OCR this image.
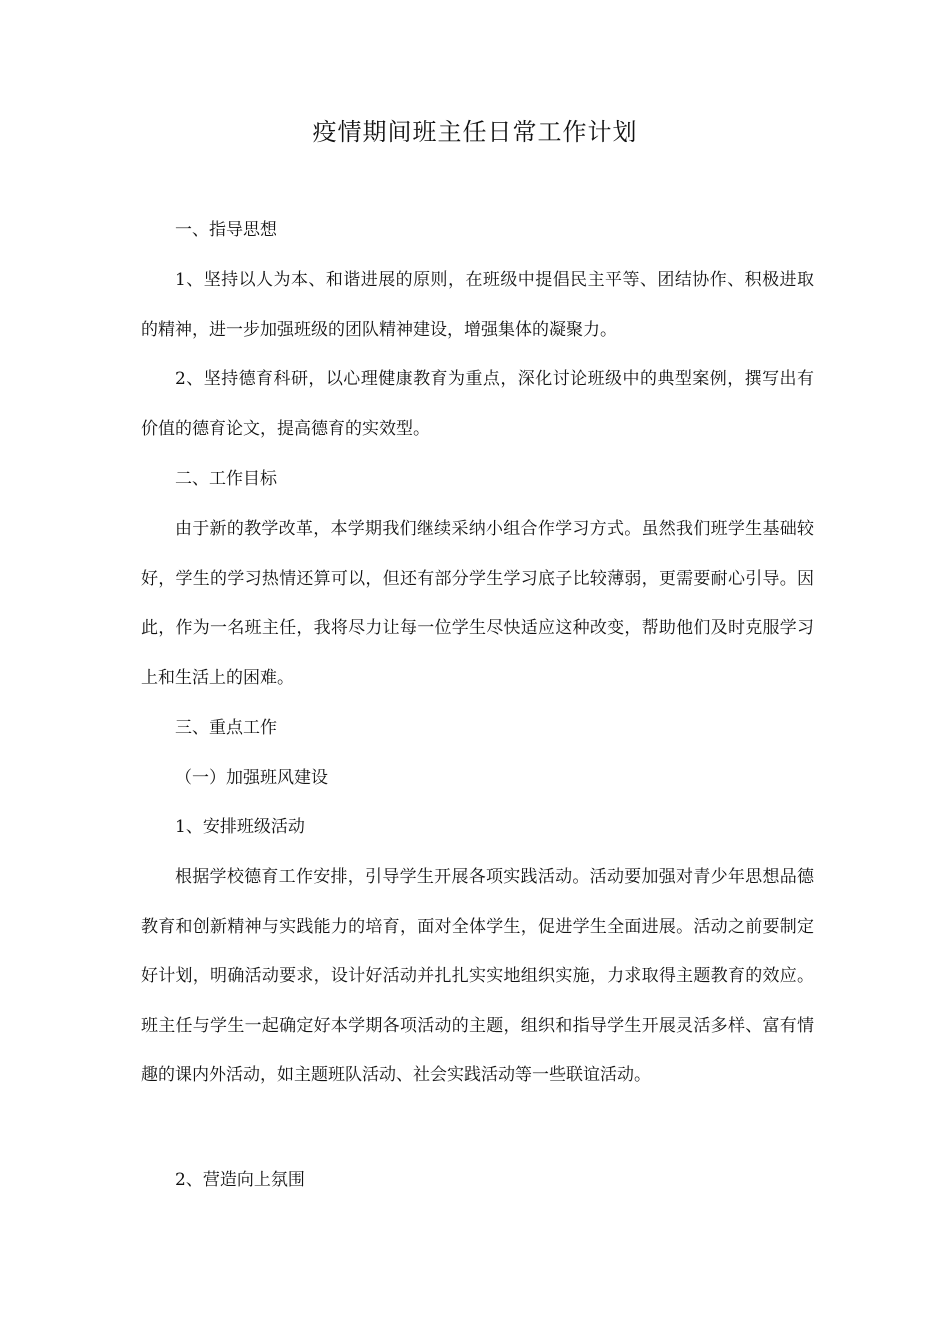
疫情期间班主任日常工作计划

一、指导思想

1、坚持以人为本、和谐进展的原则，在班级中提倡民主平等、团结协作、积极进取的精神，进一步加强班级的团队精神建设，增强集体的凝聚力。

2、坚持德育科研，以心理健康教育为重点，深化讨论班级中的典型案例，撰写出有价值的德育论文，提高德育的实效型。

二、工作目标

由于新的教学改革，本学期我们继续采纳小组合作学习方式。虽然我们班学生基础较好，学生的学习热情还算可以，但还有部分学生学习底子比较薄弱，更需要耐心引导。因此，作为一名班主任，我将尽力让每一位学生尽快适应这种改变，帮助他们及时克服学习上和生活上的困难。

三、重点工作

（一）加强班风建设

1、安排班级活动

根据学校德育工作安排，引导学生开展各项实践活动。活动要加强对青少年思想品德教育和创新精神与实践能力的培育，面对全体学生，促进学生全面进展。活动之前要制定好计划，明确活动要求，设计好活动并扎扎实实地组织实施，力求取得主题教育的效应。班主任与学生一起确定好本学期各项活动的主题，组织和指导学生开展灵活多样、富有情趣的课内外活动，如主题班队活动、社会实践活动等一些联谊活动。

2、营造向上氛围
